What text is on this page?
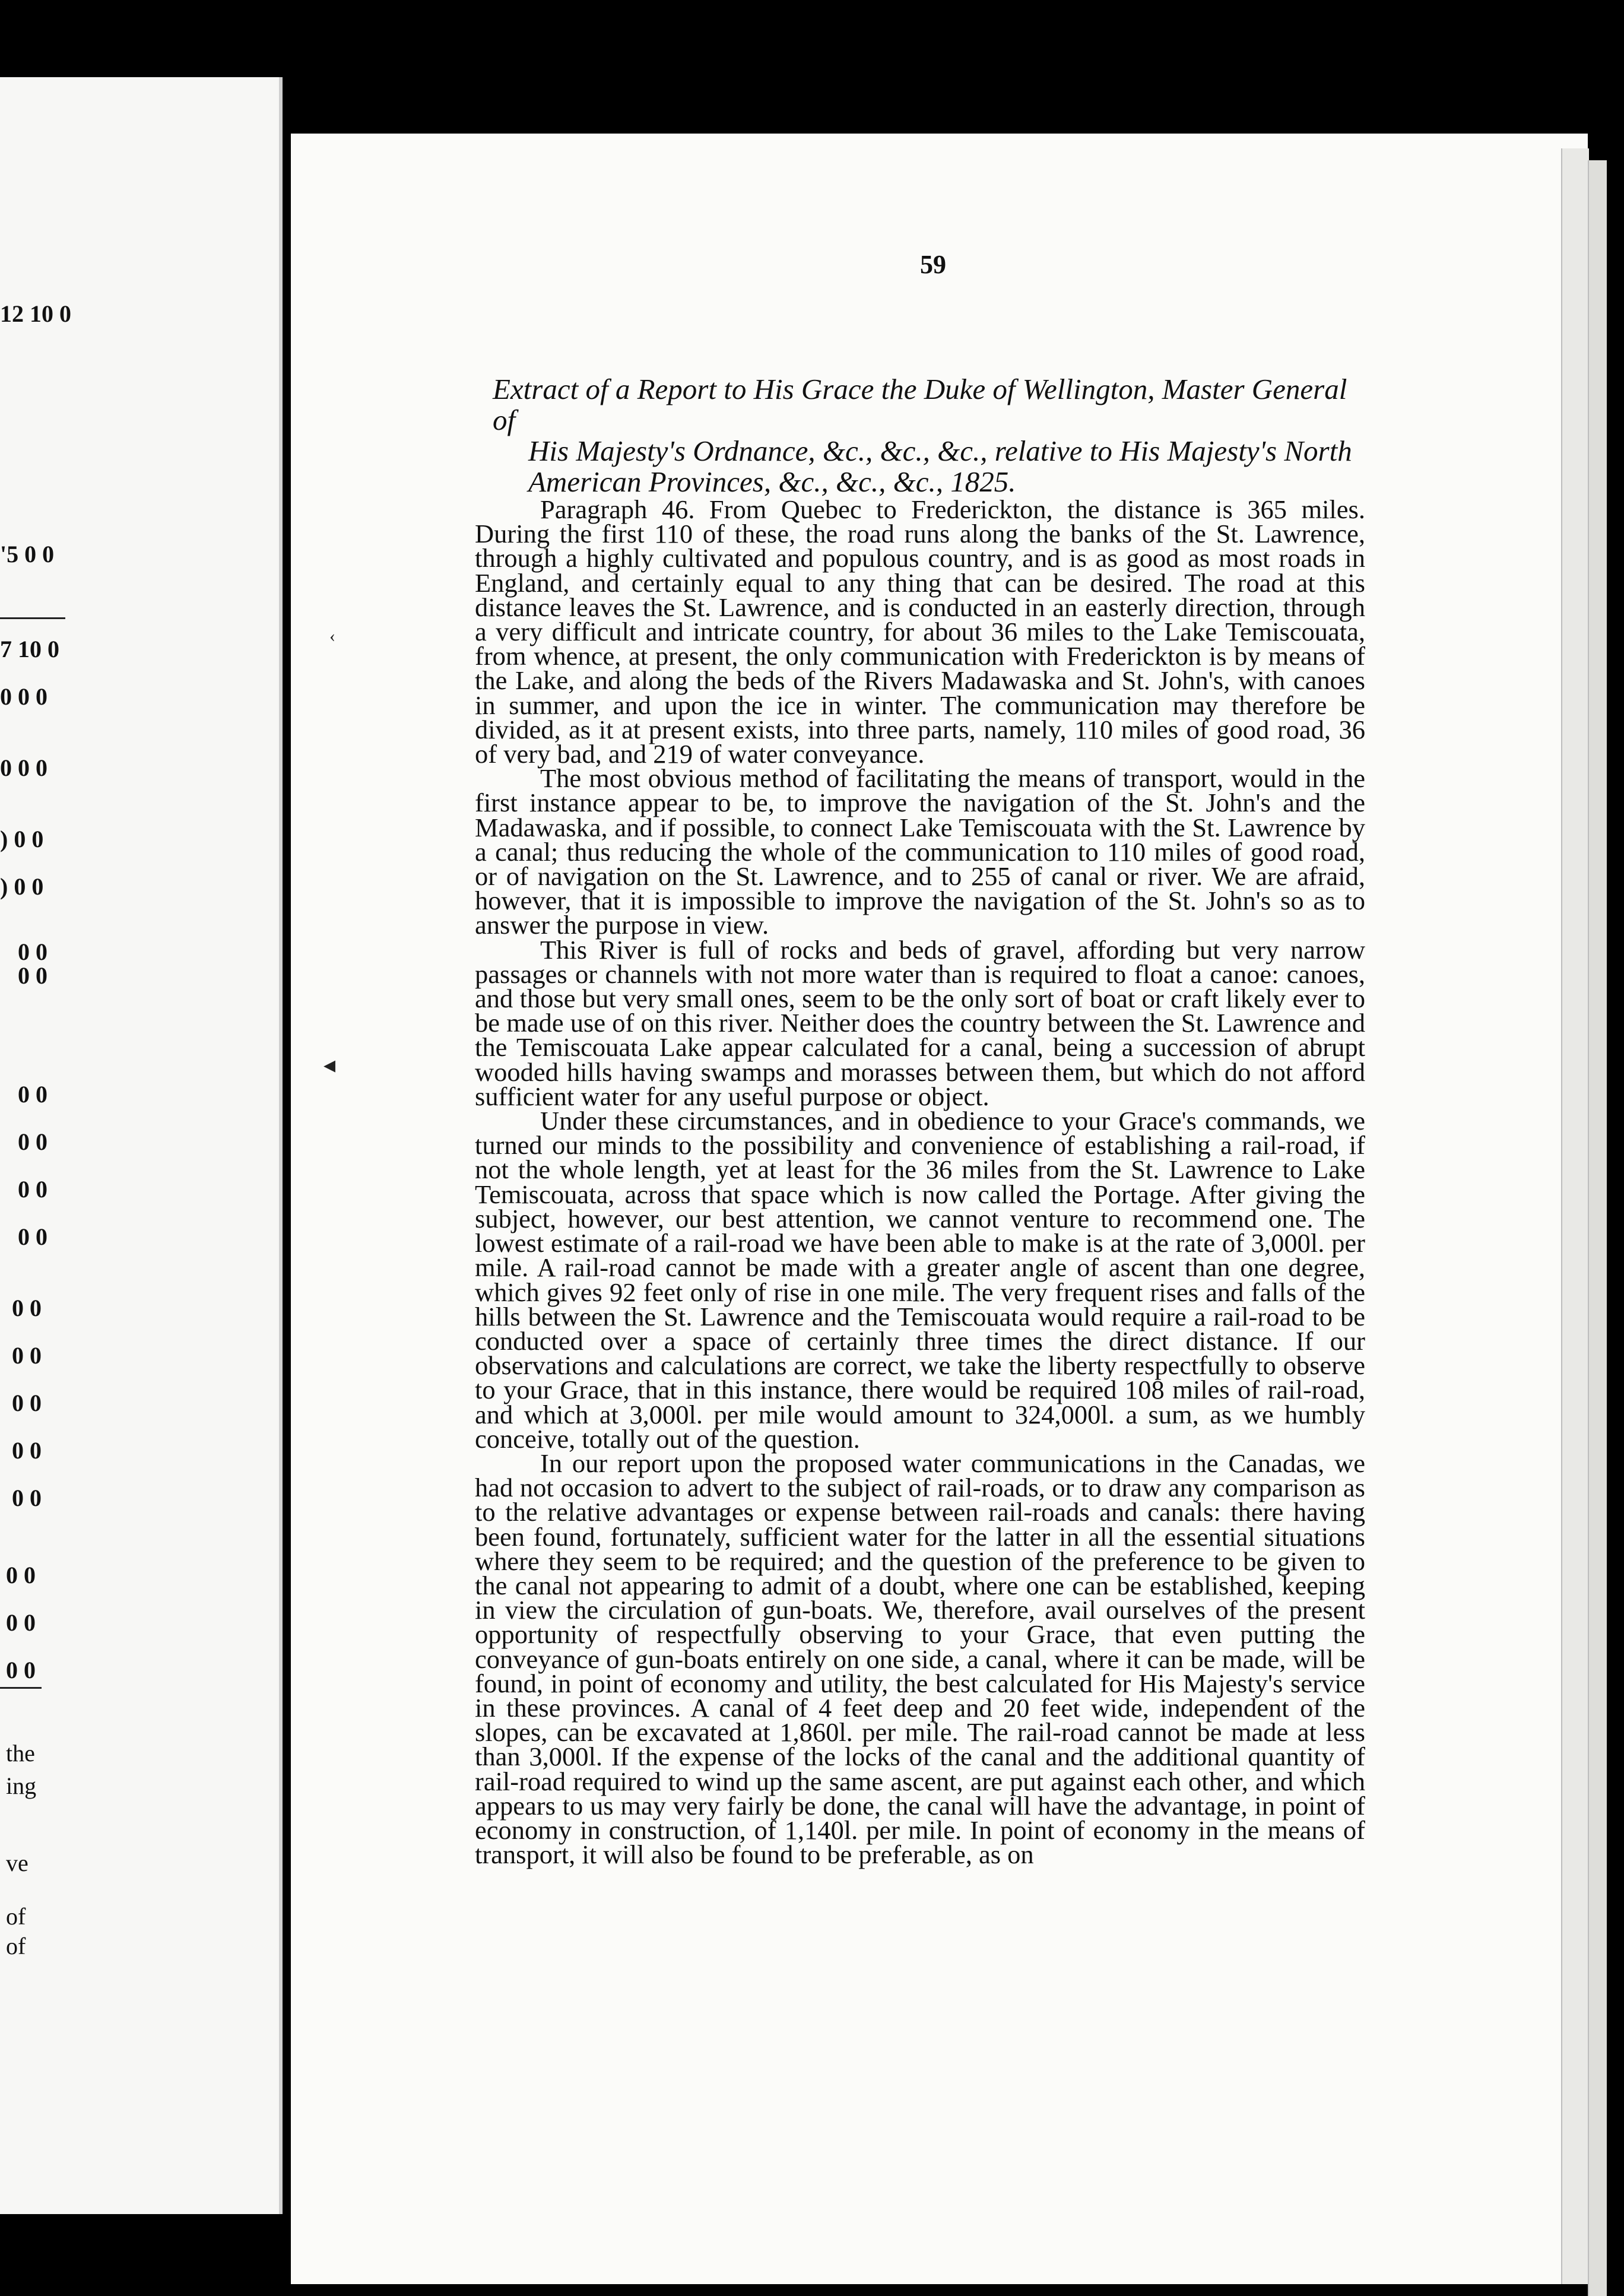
12 10 0
'5 0 0
7 10 0
0 0 0
0 0 0
) 0 0
) 0 0
0 0
0 0
0 0
0 0
0 0
0 0
0 0
0 0
0 0
0 0
0 0
0 0
0 0
0 0
the
ing
ve
of
of
59
Extract of a Report to His Grace the Duke of Wellington, Master General of
His Majesty's Ordnance, &c., &c., &c., relative to His Majesty's North
American Provinces, &c., &c., &c., 1825.

Paragraph 46. From Quebec to Frederickton, the distance is 365 miles. During the first 110 of these, the road runs along the banks of the St. Lawrence, through a highly cultivated and populous country, and is as good as most roads in England, and certainly equal to any thing that can be desired. The road at this distance leaves the St. Lawrence, and is conducted in an easterly direction, through a very difficult and intricate country, for about 36 miles to the Lake Temiscouata, from whence, at present, the only communication with Frederickton is by means of the Lake, and along the beds of the Rivers Madawaska and St. John's, with canoes in summer, and upon the ice in winter. The communication may therefore be divided, as it at present exists, into three parts, namely, 110 miles of good road, 36 of very bad, and 219 of water conveyance.

The most obvious method of facilitating the means of transport, would in the first instance appear to be, to improve the navigation of the St. John's and the Madawaska, and if possible, to connect Lake Temiscouata with the St. Lawrence by a canal; thus reducing the whole of the communication to 110 miles of good road, or of navigation on the St. Lawrence, and to 255 of canal or river. We are afraid, however, that it is impossible to improve the navigation of the St. John's so as to answer the purpose in view.

This River is full of rocks and beds of gravel, affording but very narrow passages or channels with not more water than is required to float a canoe: canoes, and those but very small ones, seem to be the only sort of boat or craft likely ever to be made use of on this river. Neither does the country between the St. Lawrence and the Temiscouata Lake appear calculated for a canal, being a succession of abrupt wooded hills having swamps and morasses between them, but which do not afford sufficient water for any useful purpose or object.

Under these circumstances, and in obedience to your Grace's commands, we turned our minds to the possibility and convenience of establishing a rail-road, if not the whole length, yet at least for the 36 miles from the St. Lawrence to Lake Temiscouata, across that space which is now called the Portage. After giving the subject, however, our best attention, we cannot venture to recommend one. The lowest estimate of a rail-road we have been able to make is at the rate of 3,000l. per mile. A rail-road cannot be made with a greater angle of ascent than one degree, which gives 92 feet only of rise in one mile. The very frequent rises and falls of the hills between the St. Lawrence and the Temiscouata would require a rail-road to be conducted over a space of certainly three times the direct distance. If our observations and calculations are correct, we take the liberty respectfully to observe to your Grace, that in this instance, there would be required 108 miles of rail-road, and which at 3,000l. per mile would amount to 324,000l. a sum, as we humbly conceive, totally out of the question.

In our report upon the proposed water communications in the Canadas, we had not occasion to advert to the subject of rail-roads, or to draw any comparison as to the relative advantages or expense between rail-roads and canals: there having been found, fortunately, sufficient water for the latter in all the essential situations where they seem to be required; and the question of the preference to be given to the canal not appearing to admit of a doubt, where one can be established, keeping in view the circulation of gun-boats. We, therefore, avail ourselves of the present opportunity of respectfully observing to your Grace, that even putting the conveyance of gun-boats entirely on one side, a canal, where it can be made, will be found, in point of economy and utility, the best calculated for His Majesty's service in these provinces. A canal of 4 feet deep and 20 feet wide, independent of the slopes, can be excavated at 1,860l. per mile. The rail-road cannot be made at less than 3,000l. If the expense of the locks of the canal and the additional quantity of rail-road required to wind up the same ascent, are put against each other, and which appears to us may very fairly be done, the canal will have the advantage, in point of economy in construction, of 1,140l. per mile. In point of economy in the means of transport, it will also be found to be preferable, as on

◂
‹
